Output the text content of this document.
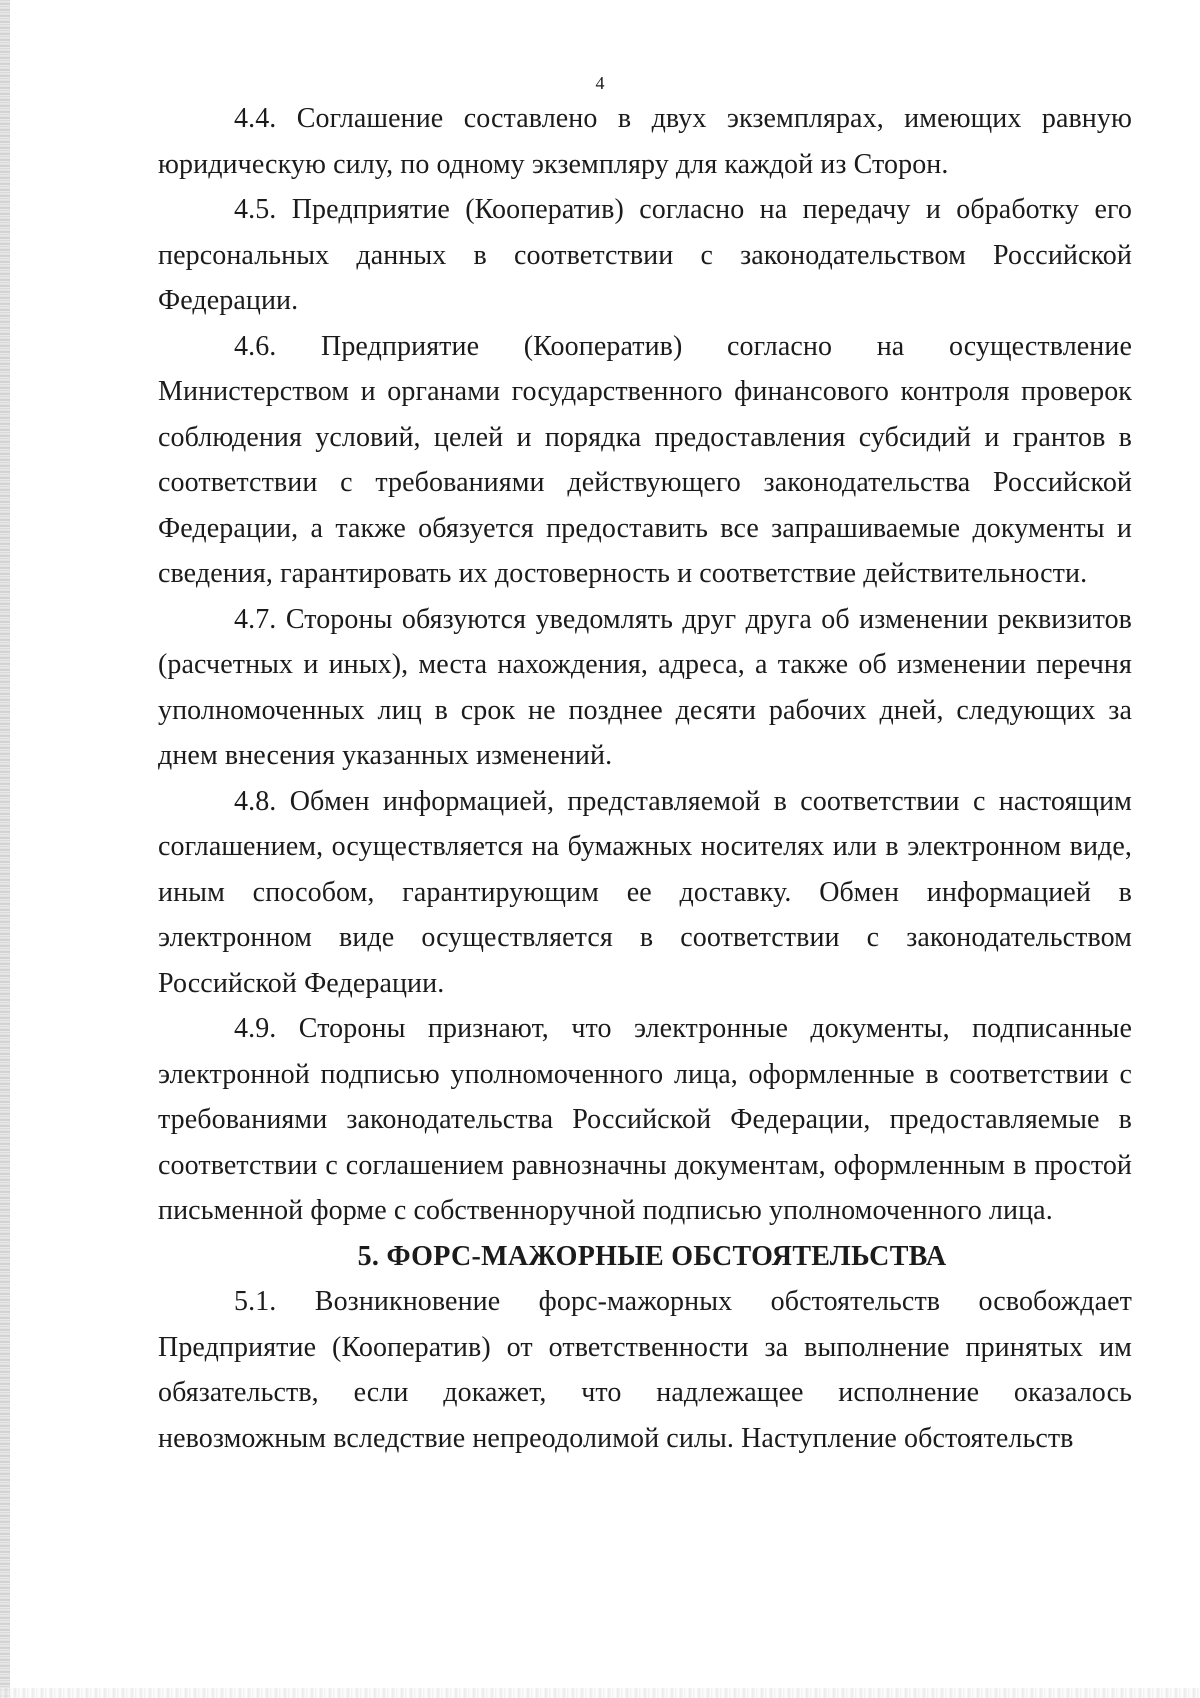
4

4.4. Соглашение составлено в двух экземплярах, имеющих равную юридическую силу, по одному экземпляру для каждой из Сторон.

4.5. Предприятие (Кооператив) согласно на передачу и обработку его персональных данных в соответствии с законодательством Российской Федерации.

4.6. Предприятие (Кооператив) согласно на осуществление Министерством и органами государственного финансового контроля проверок соблюдения условий, целей и порядка предоставления субсидий и грантов в соответствии с требованиями действующего законодательства Российской Федерации, а также обязуется предоставить все запрашиваемые документы и сведения, гарантировать их достоверность и соответствие действительности.

4.7. Стороны обязуются уведомлять друг друга об изменении реквизитов (расчетных и иных), места нахождения, адреса, а также об изменении перечня уполномоченных лиц в срок не позднее десяти рабочих дней, следующих за днем внесения указанных изменений.

4.8. Обмен информацией, представляемой в соответствии с настоящим соглашением, осуществляется на бумажных носителях или в электронном виде, иным способом, гарантирующим ее доставку. Обмен информацией в электронном виде осуществляется в соответствии с законодательством Российской Федерации.

4.9. Стороны признают, что электронные документы, подписанные электронной подписью уполномоченного лица, оформленные в соответствии с требованиями законодательства Российской Федерации, предоставляемые в соответствии с соглашением равнозначны документам, оформленным в простой письменной форме с собственноручной подписью уполномоченного лица.

5. ФОРС-МАЖОРНЫЕ ОБСТОЯТЕЛЬСТВА

5.1. Возникновение форс-мажорных обстоятельств освобождает Предприятие (Кооператив) от ответственности за выполнение принятых им обязательств, если докажет, что надлежащее исполнение оказалось невозможным вследствие непреодолимой силы. Наступление обстоятельств
